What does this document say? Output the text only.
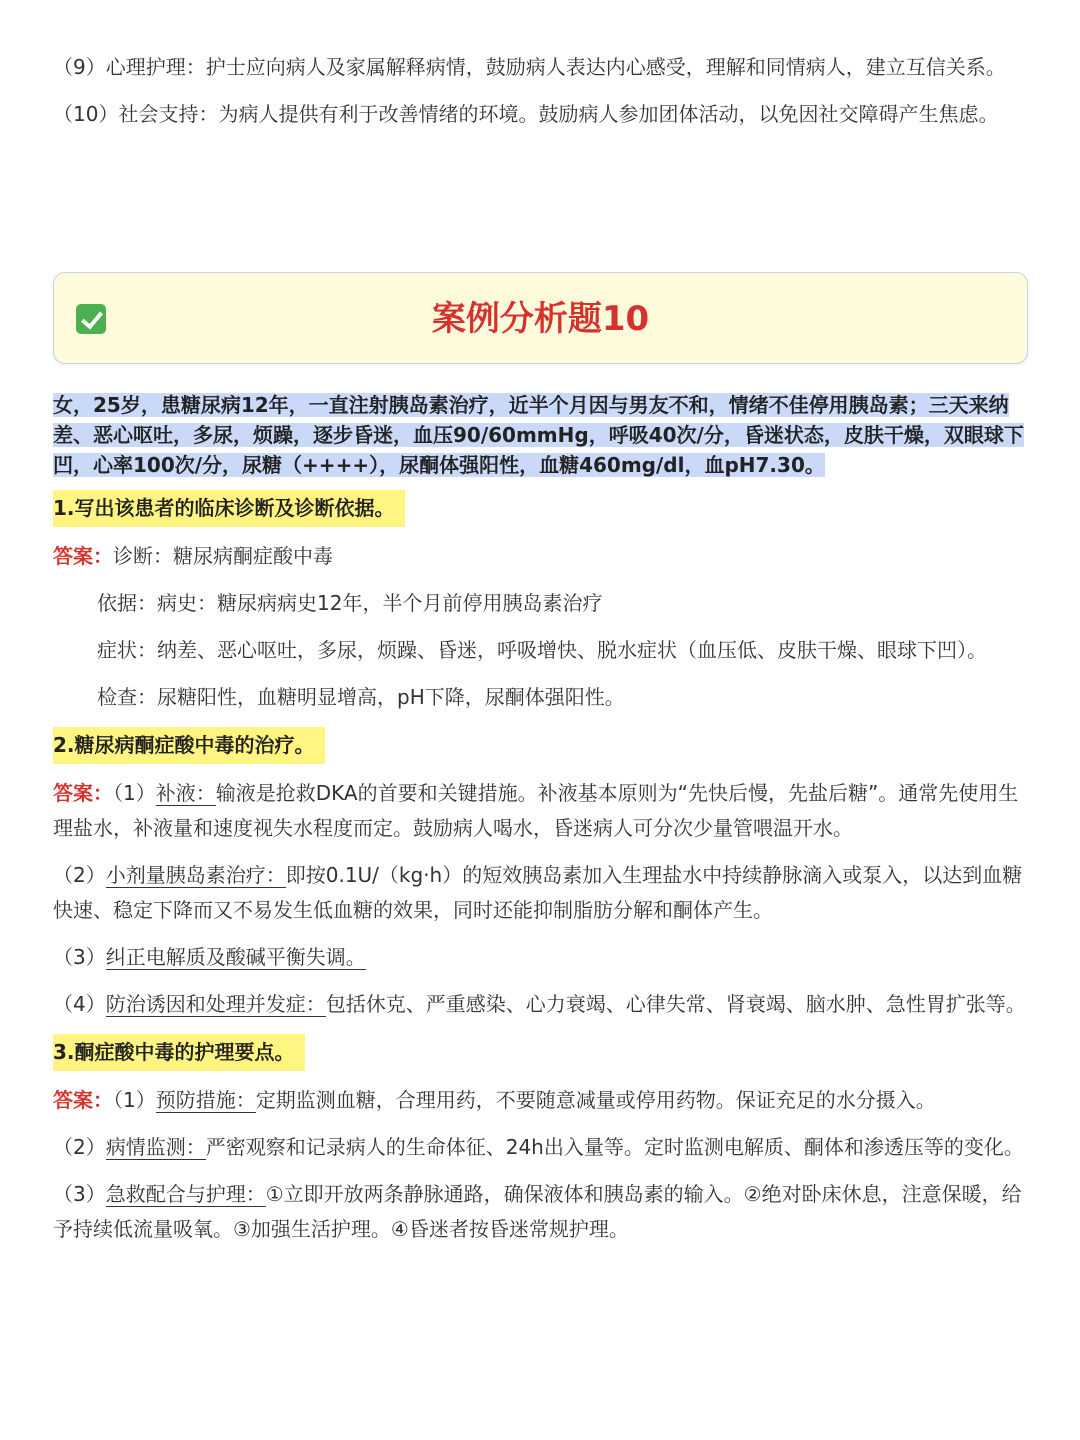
（9）心理护理：护士应向病人及家属解释病情，鼓励病人表达内心感受，理解和同情病人，建立互信关系。

（10）社会支持：为病人提供有利于改善情绪的环境。鼓励病人参加团体活动，以免因社交障碍产生焦虑。

案例分析题10
女，25岁，患糖尿病12年，一直注射胰岛素治疗，近半个月因与男友不和，情绪不佳停用胰岛素；三天来纳差、恶心呕吐，多尿，烦躁，逐步昏迷，血压90/60mmHg，呼吸40次/分，昏迷状态，皮肤干燥，双眼球下凹，心率100次/分，尿糖（++++），尿酮体强阳性，血糖460mg/dl，血pH7.30。
1.写出该患者的临床诊断及诊断依据。

答案：诊断：糖尿病酮症酸中毒

依据：病史：糖尿病病史12年，半个月前停用胰岛素治疗

症状：纳差、恶心呕吐，多尿，烦躁、昏迷，呼吸增快、脱水症状（血压低、皮肤干燥、眼球下凹）。

检查：尿糖阳性，血糖明显增高，pH下降，尿酮体强阳性。

2.糖尿病酮症酸中毒的治疗。

答案：（1）补液：输液是抢救DKA的首要和关键措施。补液基本原则为“先快后慢，先盐后糖”。通常先使用生理盐水，补液量和速度视失水程度而定。鼓励病人喝水，昏迷病人可分次少量管喂温开水。

（2）小剂量胰岛素治疗：即按0.1U/（kg·h）的短效胰岛素加入生理盐水中持续静脉滴入或泵入，以达到血糖快速、稳定下降而又不易发生低血糖的效果，同时还能抑制脂肪分解和酮体产生。

（3）纠正电解质及酸碱平衡失调。

（4）防治诱因和处理并发症：包括休克、严重感染、心力衰竭、心律失常、肾衰竭、脑水肿、急性胃扩张等。

3.酮症酸中毒的护理要点。

答案：（1）预防措施：定期监测血糖，合理用药，不要随意减量或停用药物。保证充足的水分摄入。

（2）病情监测：严密观察和记录病人的生命体征、24h出入量等。定时监测电解质、酮体和渗透压等的变化。

（3）急救配合与护理：①立即开放两条静脉通路，确保液体和胰岛素的输入。②绝对卧床休息，注意保暖，给予持续低流量吸氧。③加强生活护理。④昏迷者按昏迷常规护理。
